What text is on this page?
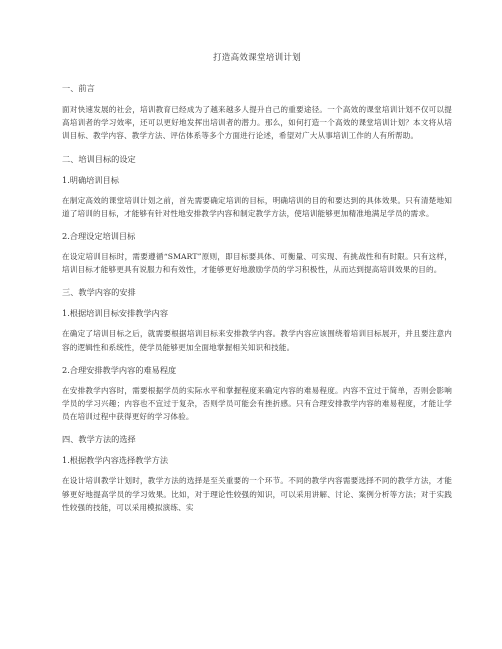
打造高效课堂培训计划
一、前言

面对快速发展的社会，培训教育已经成为了越来越多人提升自己的重要途径。一个高效的课堂培训计划不仅可以提高培训者的学习效率，还可以更好地发挥出培训者的潜力。那么，如何打造一个高效的课堂培训计划？本文将从培训目标、教学内容、教学方法、评估体系等多个方面进行论述，希望对广大从事培训工作的人有所帮助。

二、培训目标的设定
1.明确培训目标

在制定高效的课堂培训计划之前，首先需要确定培训的目标，明确培训的目的和要达到的具体效果。只有清楚地知道了培训的目标，才能够有针对性地安排教学内容和制定教学方法，使培训能够更加精准地满足学员的需求。

2.合理设定培训目标

在设定培训目标时，需要遵循“SMART”原则，即目标要具体、可衡量、可实现、有挑战性和有时限。只有这样，培训目标才能够更具有说服力和有效性，才能够更好地激励学员的学习积极性，从而达到提高培训效果的目的。

三、教学内容的安排
1.根据培训目标安排教学内容

在确定了培训目标之后，就需要根据培训目标来安排教学内容。教学内容应该围绕着培训目标展开，并且要注意内容的逻辑性和系统性，使学员能够更加全面地掌握相关知识和技能。

2.合理安排教学内容的难易程度

在安排教学内容时，需要根据学员的实际水平和掌握程度来确定内容的难易程度。内容不宜过于简单，否则会影响学员的学习兴趣；内容也不宜过于复杂，否则学员可能会有挫折感。只有合理安排教学内容的难易程度，才能让学员在培训过程中获得更好的学习体验。

四、教学方法的选择
1.根据教学内容选择教学方法

在设计培训教学计划时，教学方法的选择是至关重要的一个环节。不同的教学内容需要选择不同的教学方法，才能够更好地提高学员的学习效果。比如，对于理论性较强的知识，可以采用讲解、讨论、案例分析等方法；对于实践性较强的技能，可以采用模拟演练、实
